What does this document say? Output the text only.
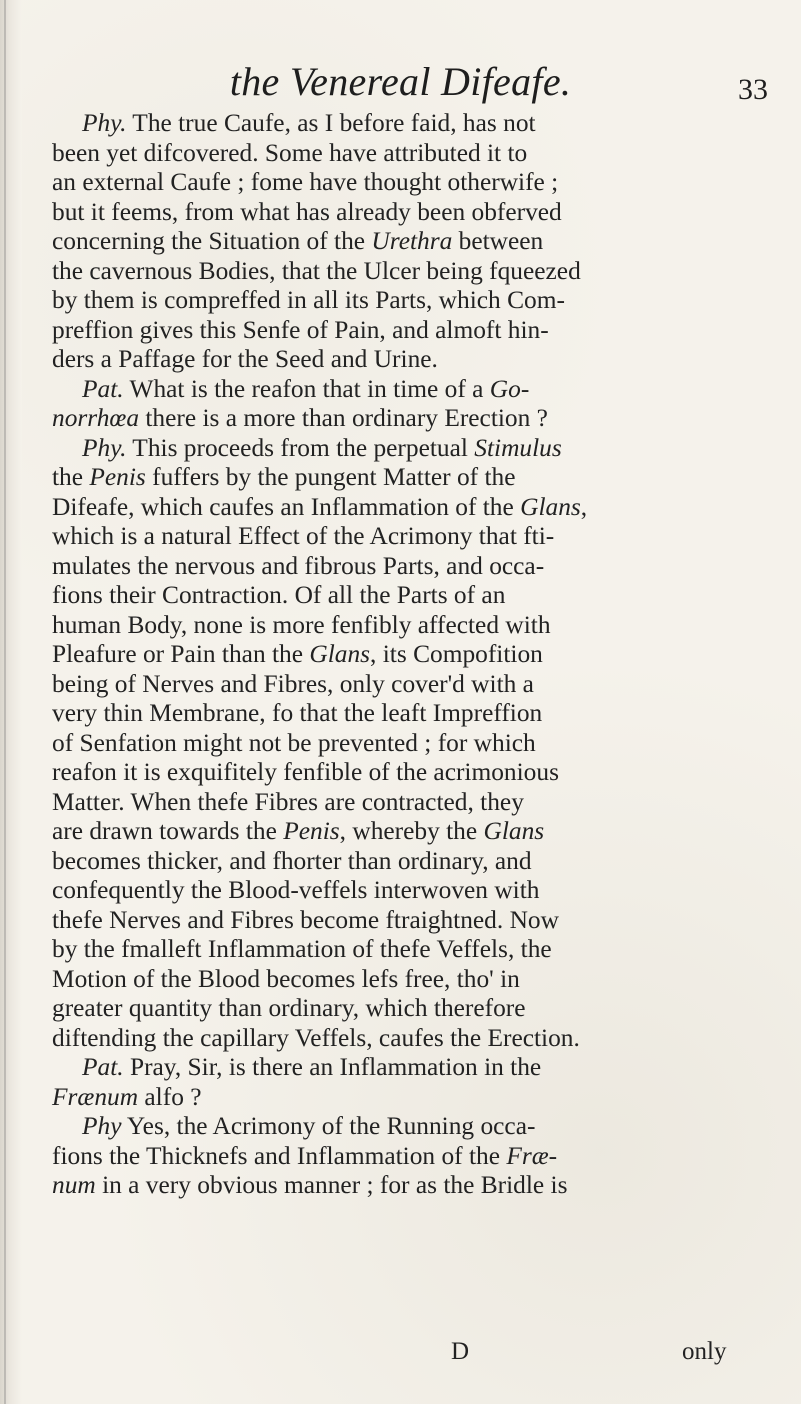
the Venereal Difeafe.	33
Phy. The true Caufe, as I before faid, has not
been yet difcovered. Some have attributed it to
an external Caufe ; fome have thought otherwife ;
but it feems, from what has already been obferved
concerning the Situation of the Urethra between
the cavernous Bodies, that the Ulcer being fqueezed
by them is compreffed in all its Parts, which Com-
preffion gives this Senfe of Pain, and almoft hin-
ders a Paffage for the Seed and Urine.
Pat. What is the reafon that in time of a Go-
norrhœa there is a more than ordinary Erection ?
Phy. This proceeds from the perpetual Stimulus
the Penis fuffers by the pungent Matter of the
Difeafe, which caufes an Inflammation of the Glans,
which is a natural Effect of the Acrimony that fti-
mulates the nervous and fibrous Parts, and occa-
fions their Contraction. Of all the Parts of an
human Body, none is more fenfibly affected with
Pleafure or Pain than the Glans, its Compofition
being of Nerves and Fibres, only cover'd with a
very thin Membrane, fo that the leaft Impreffion
of Senfation might not be prevented ; for which
reafon it is exquifitely fenfible of the acrimonious
Matter. When thefe Fibres are contracted, they
are drawn towards the Penis, whereby the Glans
becomes thicker, and fhorter than ordinary, and
confequently the Blood-veffels interwoven with
thefe Nerves and Fibres become ftraightned. Now
by the fmalleft Inflammation of thefe Veffels, the
Motion of the Blood becomes lefs free, tho' in
greater quantity than ordinary, which therefore
diftending the capillary Veffels, caufes the Erection.
Pat. Pray, Sir, is there an Inflammation in the
Frænum alfo ?
Phy Yes, the Acrimony of the Running occa-
fions the Thicknefs and Inflammation of the Fræ-
num in a very obvious manner ; for as the Bridle is
D	only
